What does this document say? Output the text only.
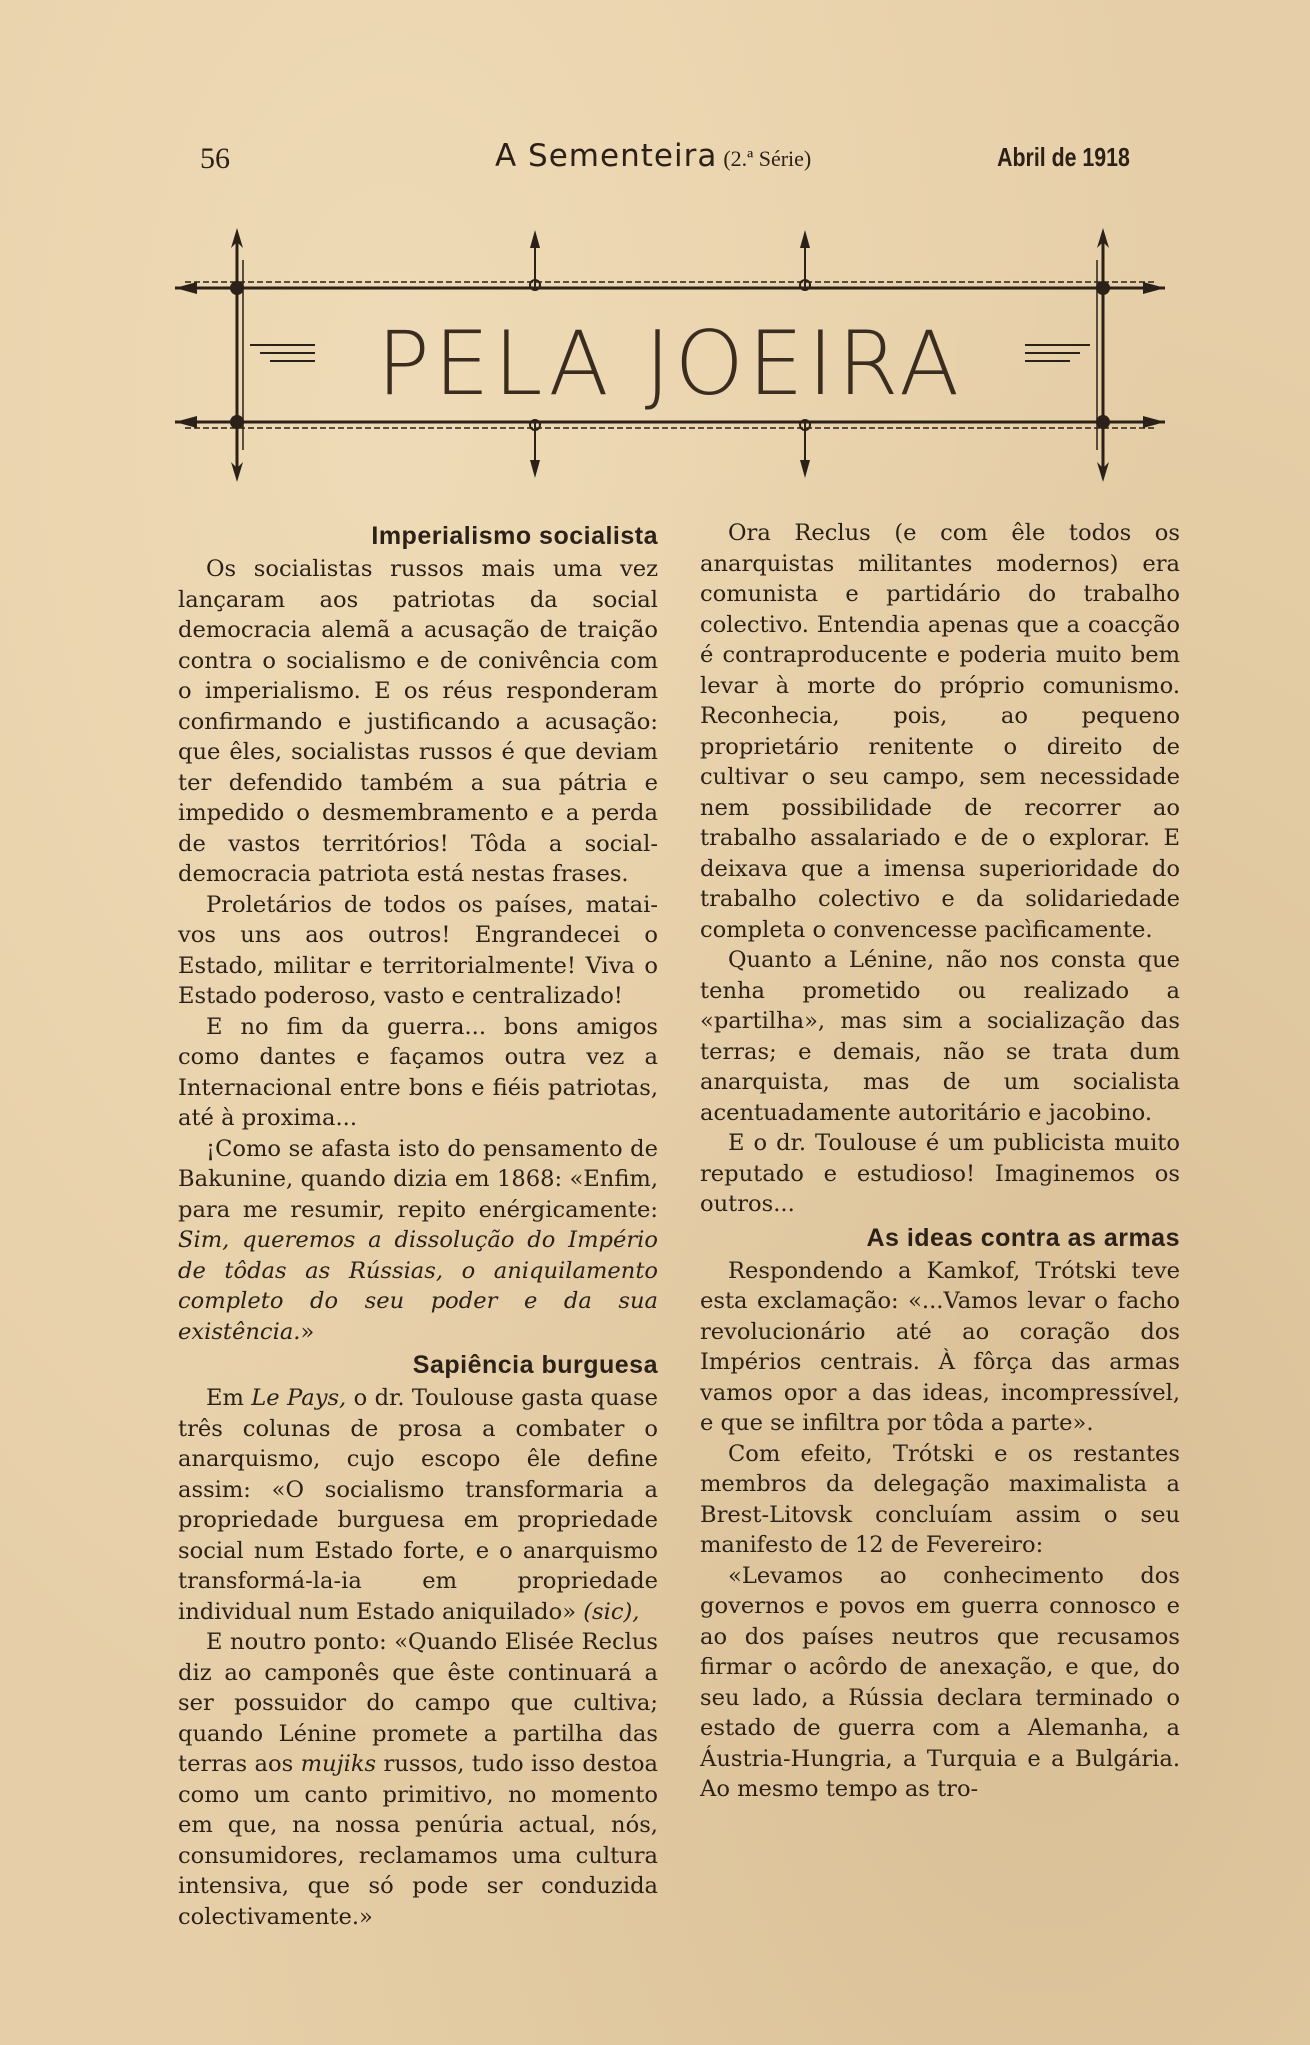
56	A Sementeira (2.ª Série)	Abril de 1918
PELA JOEIRA
Imperialismo socialista

Os socialistas russos mais uma vez lançaram aos patriotas da social democracia alemã a acusação de traição contra o socialismo e de conivência com o imperialismo. E os réus responderam confirmando e justificando a acusação: que êles, socialistas russos é que deviam ter defendido também a sua pátria e impedido o desmembramento e a perda de vastos territórios! Tôda a social-democracia patriota está nestas frases.

Proletários de todos os países, matai-vos uns aos outros! Engrandecei o Estado, militar e territorialmente! Viva o Estado poderoso, vasto e centralizado!

E no fim da guerra... bons amigos como dantes e façamos outra vez a Internacional entre bons e fiéis patriotas, até à proxima...

¡Como se afasta isto do pensamento de Bakunine, quando dizia em 1868: «Enfim, para me resumir, repito enérgicamente: Sim, queremos a dissolução do Império de tôdas as Rússias, o aniquilamento completo do seu poder e da sua existência.»

Sapiência burguesa

Em Le Pays, o dr. Toulouse gasta quase três colunas de prosa a combater o anarquismo, cujo escopo êle define assim: «O socialismo transformaria a propriedade burguesa em propriedade social num Estado forte, e o anarquismo transformá-la-ia em propriedade individual num Estado aniquilado» (sic),

E noutro ponto: «Quando Elisée Reclus diz ao camponês que êste continuará a ser possuidor do campo que cultiva; quando Lénine promete a partilha das terras aos mujiks russos, tudo isso destoa como um canto primitivo, no momento em que, na nossa penúria actual, nós, consumidores, reclamamos uma cultura intensiva, que só pode ser conduzida colectivamente.»

Ora Reclus (e com êle todos os anarquistas militantes modernos) era comunista e partidário do trabalho colectivo. Entendia apenas que a coacção é contraproducente e poderia muito bem levar à morte do próprio comunismo. Reconhecia, pois, ao pequeno proprietário renitente o direito de cultivar o seu campo, sem necessidade nem possibilidade de recorrer ao trabalho assalariado e de o explorar. E deixava que a imensa superioridade do trabalho colectivo e da solidariedade completa o convencesse pacìficamente.

Quanto a Lénine, não nos consta que tenha prometido ou realizado a «partilha», mas sim a socialização das terras; e demais, não se trata dum anarquista, mas de um socialista acentuadamente autoritário e jacobino.

E o dr. Toulouse é um publicista muito reputado e estudioso! Imaginemos os outros...

As ideas contra as armas

Respondendo a Kamkof, Trótski teve esta exclamação: «...Vamos levar o facho revolucionário até ao coração dos Impérios centrais. À fôrça das armas vamos opor a das ideas, incompressível, e que se infiltra por tôda a parte».

Com efeito, Trótski e os restantes membros da delegação maximalista a Brest-Litovsk concluíam assim o seu manifesto de 12 de Fevereiro:

«Levamos ao conhecimento dos governos e povos em guerra connosco e ao dos países neutros que recusamos firmar o acôrdo de anexação, e que, do seu lado, a Rússia declara terminado o estado de guerra com a Alemanha, a Áustria-Hungria, a Turquia e a Bulgária. Ao mesmo tempo as tro-
